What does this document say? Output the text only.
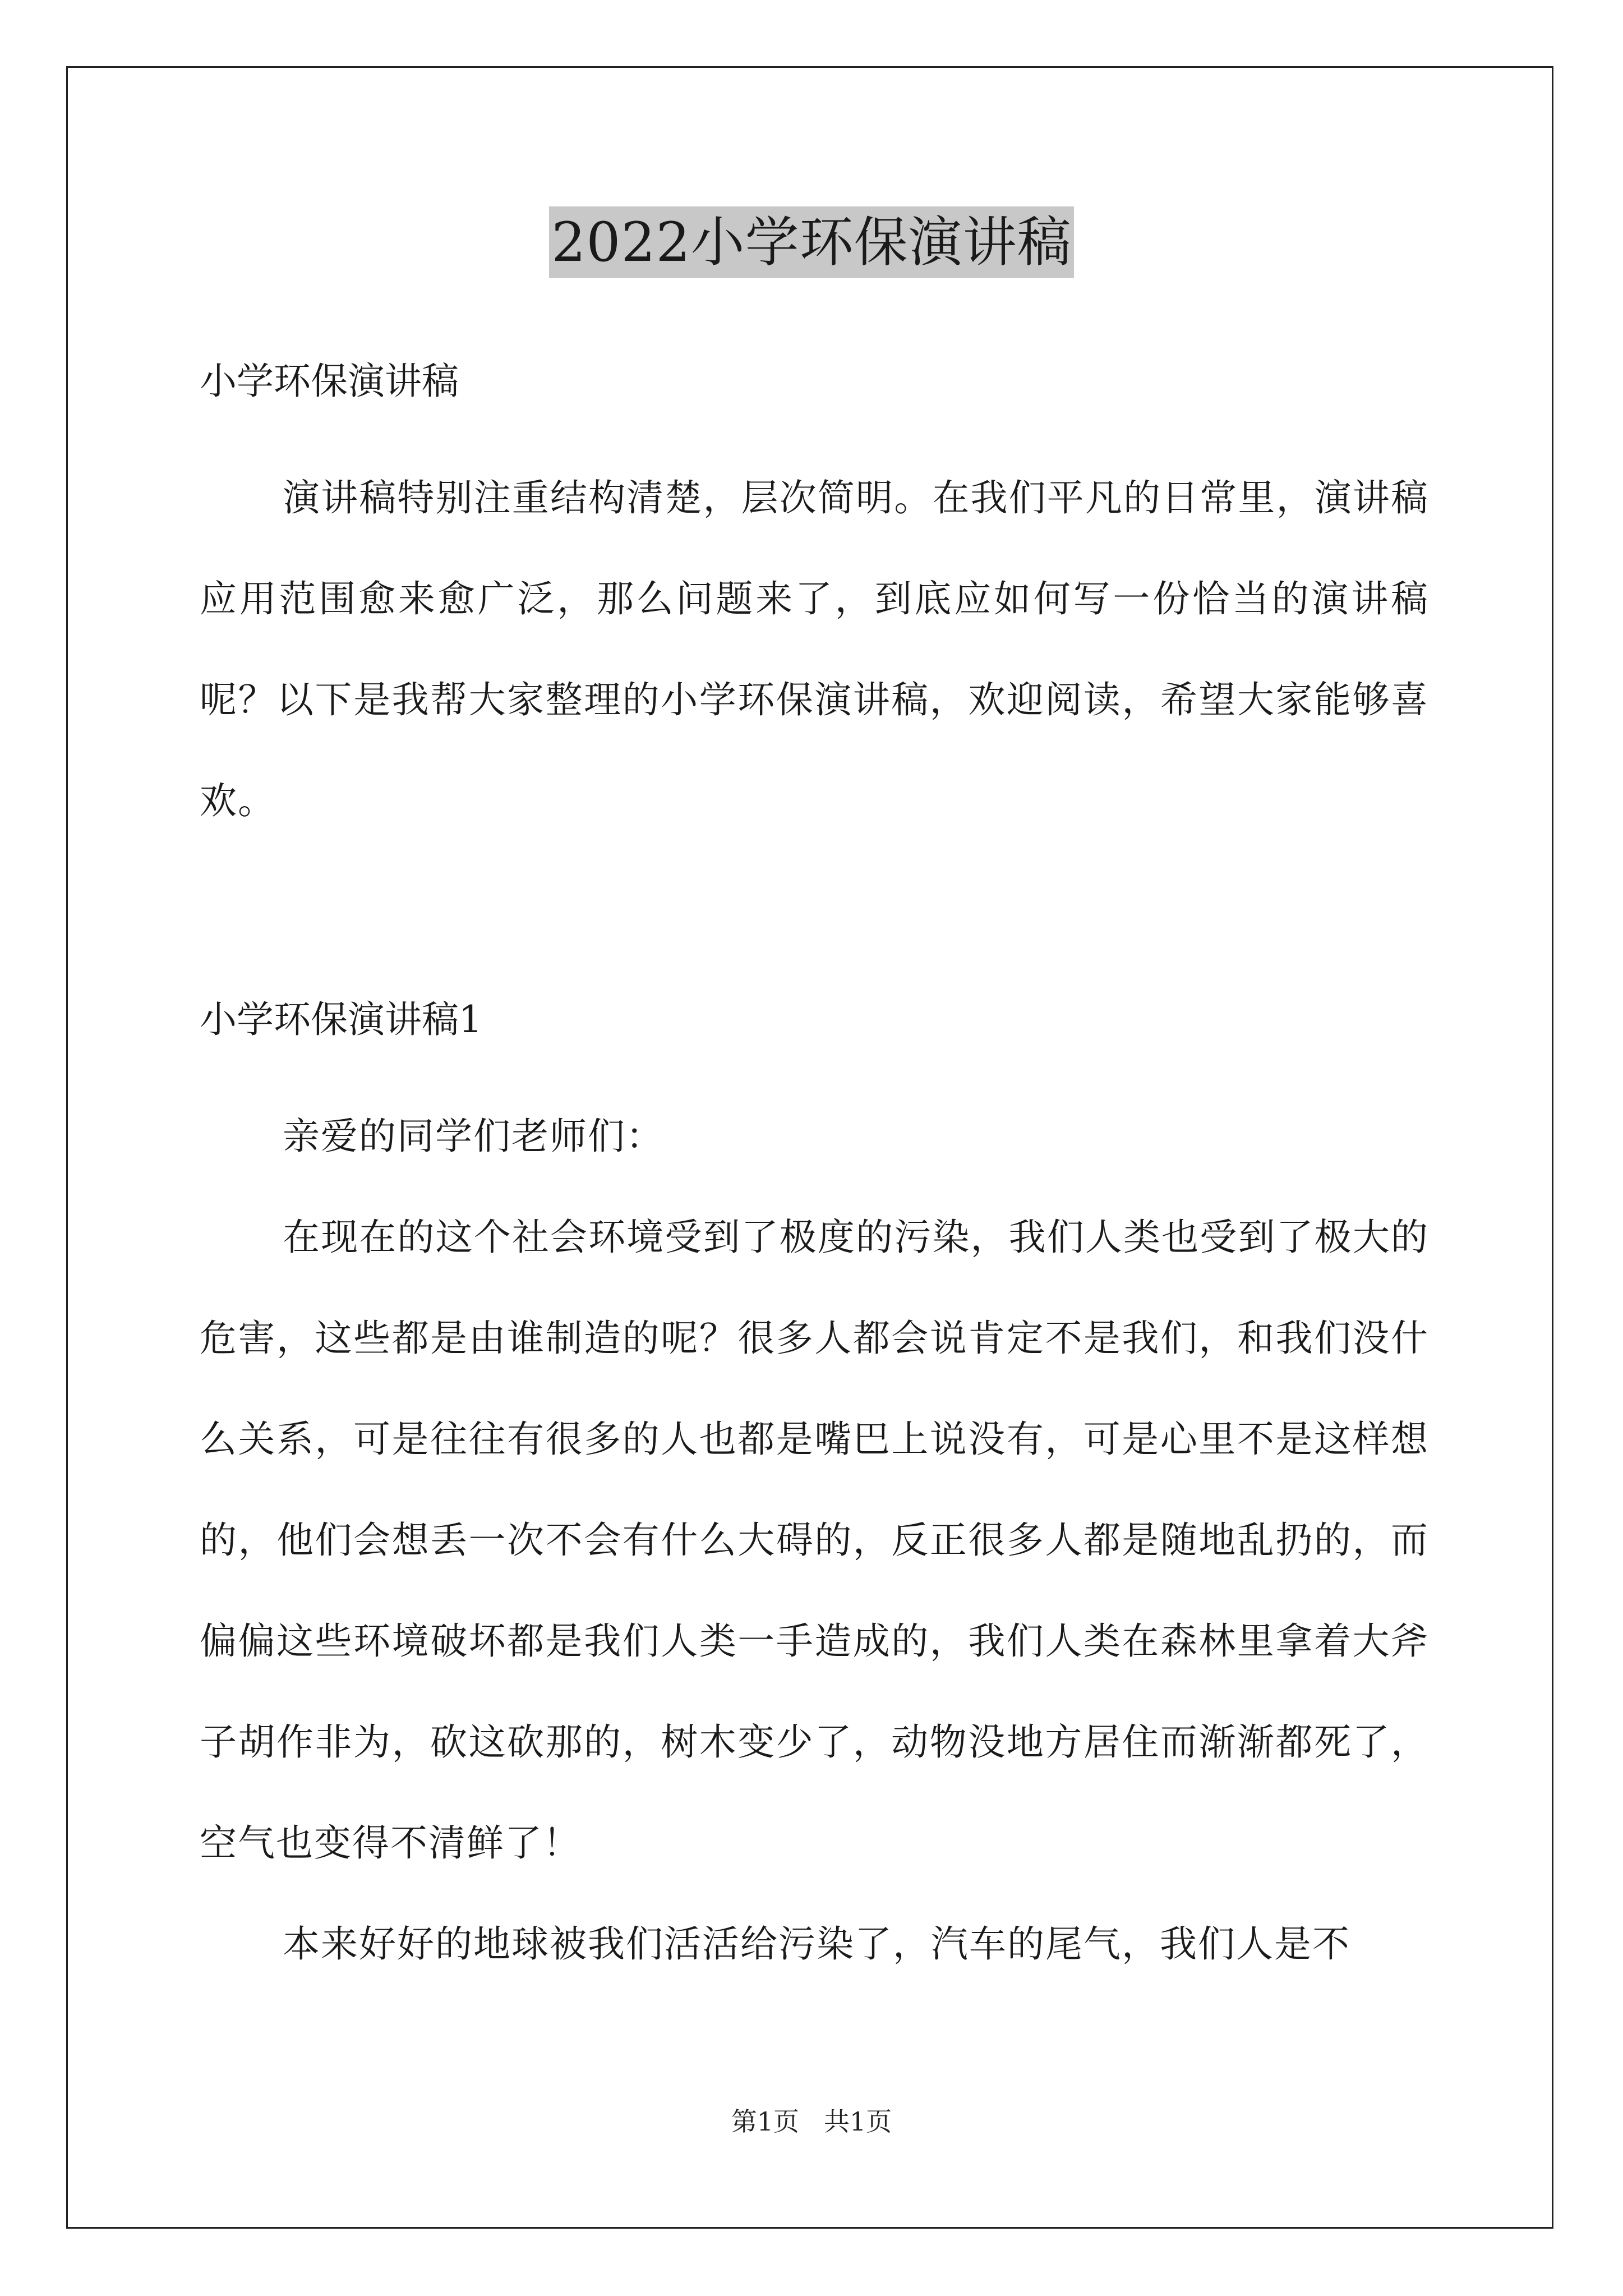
2022小学环保演讲稿

小学环保演讲稿

演讲稿特别注重结构清楚，层次简明。在我们平凡的日常里，演讲稿应用范围愈来愈广泛，那么问题来了，到底应如何写一份恰当的演讲稿呢？以下是我帮大家整理的小学环保演讲稿，欢迎阅读，希望大家能够喜欢。

小学环保演讲稿1

亲爱的同学们老师们：

在现在的这个社会环境受到了极度的污染，我们人类也受到了极大的危害，这些都是由谁制造的呢？很多人都会说肯定不是我们，和我们没什么关系，可是往往有很多的人也都是嘴巴上说没有，可是心里不是这样想的，他们会想丢一次不会有什么大碍的，反正很多人都是随地乱扔的，而偏偏这些环境破坏都是我们人类一手造成的，我们人类在森林里拿着大斧子胡作非为，砍这砍那的，树木变少了，动物没地方居住而渐渐都死了，空气也变得不清鲜了！

本来好好的地球被我们活活给污染了，汽车的尾气，我们人是不

第1页 共1页
